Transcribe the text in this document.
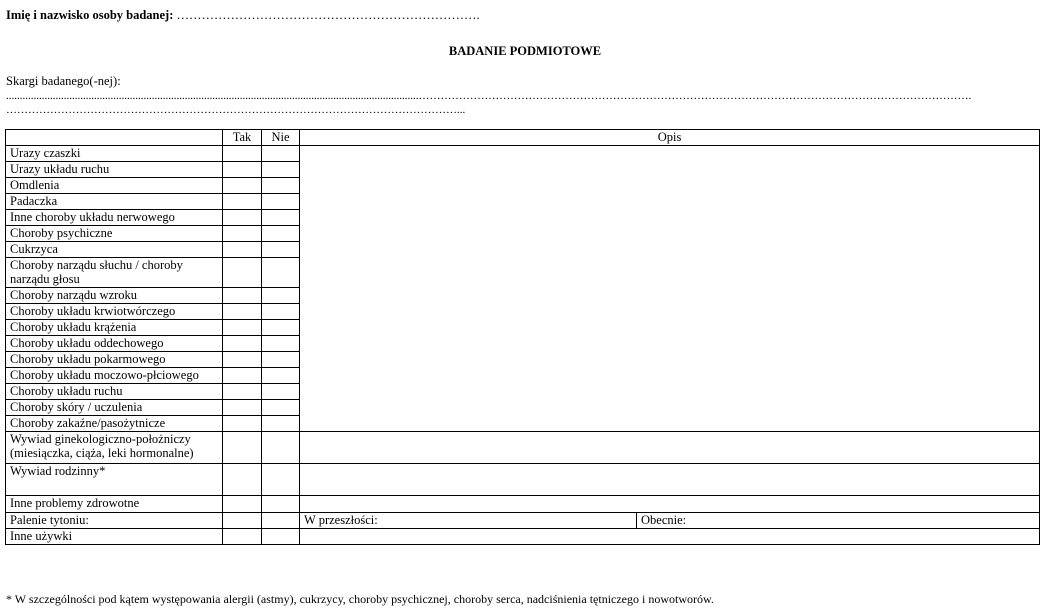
Imię i nazwisko osoby badanej: ……………………………………………………………….
BADANIE PODMIOTOWE
Skargi badanego(-nej):
......................................................................................................................................................…………………………………………………………………………………………………………………………………….
……………………………………………………………………………………………………………...
	Tak	Nie	Opis	
Urazy czaszki				
Urazy układu ruchu				
Omdlenia				
Padaczka				
Inne choroby układu nerwowego				
Choroby psychiczne				
Cukrzyca				
Choroby narządu słuchu / choroby narządu głosu				
Choroby narządu wzroku				
Choroby układu krwiotwórczego				
Choroby układu krążenia				
Choroby układu oddechowego				
Choroby układu pokarmowego				
Choroby układu moczowo-płciowego				
Choroby układu ruchu				
Choroby skóry / uczulenia				
Choroby zakaźne/pasożytnicze				
Wywiad ginekologiczno-położniczy (miesiączka, ciąża, leki hormonalne)				
Wywiad rodzinny*				
Inne problemy zdrowotne				
Palenie tytoniu:			W przeszłości:	Obecnie:
Inne używki				
* W szczególności pod kątem występowania alergii (astmy), cukrzycy, choroby psychicznej, choroby serca, nadciśnienia tętniczego i nowotworów.
